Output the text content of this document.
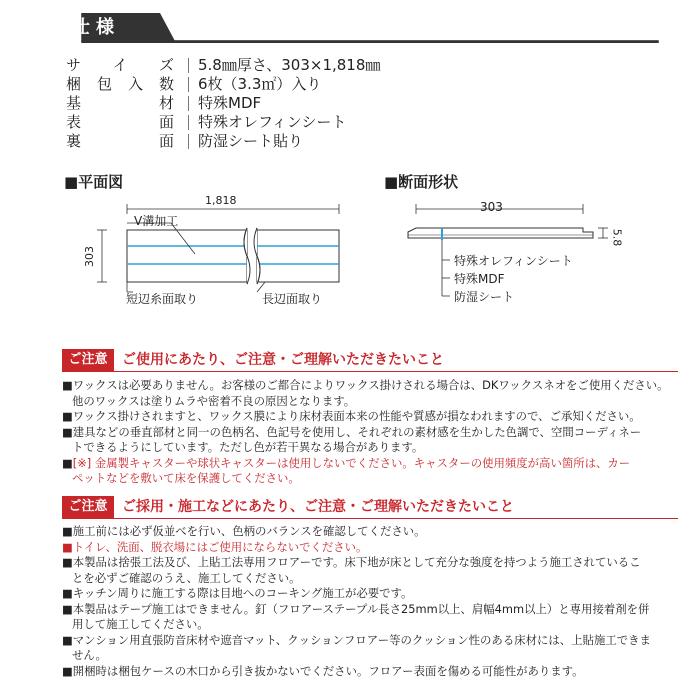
仕様
サ イ ズ 5.8㎜厚さ、303×1,818㎜
梱 包 入 数 6枚（3.3㎡）入り
基	材 特殊MDF
表	面 特殊オレフィンシート
裏	面 防湿シート貼り
■平面図
1,818
303
V溝加工
短辺糸面取り	長辺面取り
■断面形状
303
5.8
特殊オレフィンシート
特殊MDF
防湿シート
ご注意	ご使用にあたり、ご注意・ご理解いただきたいこと

■ワックスは必要ありません。お客様のご都合によりワックス掛けされる場合は、DKワックスネオをご使用ください。

他のワックスは塗りムラや密着不良の原因となります。

■ワックス掛けされますと、ワックス膜により床材表面本来の性能や質感が損なわれますので、ご承知ください。

■建具などの垂直部材と同一の色柄名、色記号を使用し、それぞれの素材感を生かした色調で、空間コーディネー

トできるようにしています。ただし色が若干異なる場合があります。

■[※] 金属製キャスターや球状キャスターは使用しないでください。キャスターの使用頻度が高い箇所は、カー

ペットなどを敷いて床を保護してください。

ご注意	ご採用・施工などにあたり、ご注意・ご理解いただきたいこと

■施工前には必ず仮並べを行い、色柄のバランスを確認してください。

■トイレ、洗面、脱衣場にはご使用にならないでください。

■本製品は捨張工法及び、上貼工法専用フロアーです。床下地が床として充分な強度を持つよう施工されているこ

とを必ずご確認のうえ、施工してください。

■キッチン周りに施工する際は目地へのコーキング施工が必要です。

■本製品はテープ施工はできません。釘（フロアーステープル長さ25mm以上、肩幅4mm以上）と専用接着剤を併

用して施工してください。

■マンション用直張防音床材や遮音マット、クッションフロアー等のクッション性のある床材には、上貼施工できま

せん。

■開梱時は梱包ケースの木口から引き抜かないでください。フロアー表面を傷める可能性があります。
